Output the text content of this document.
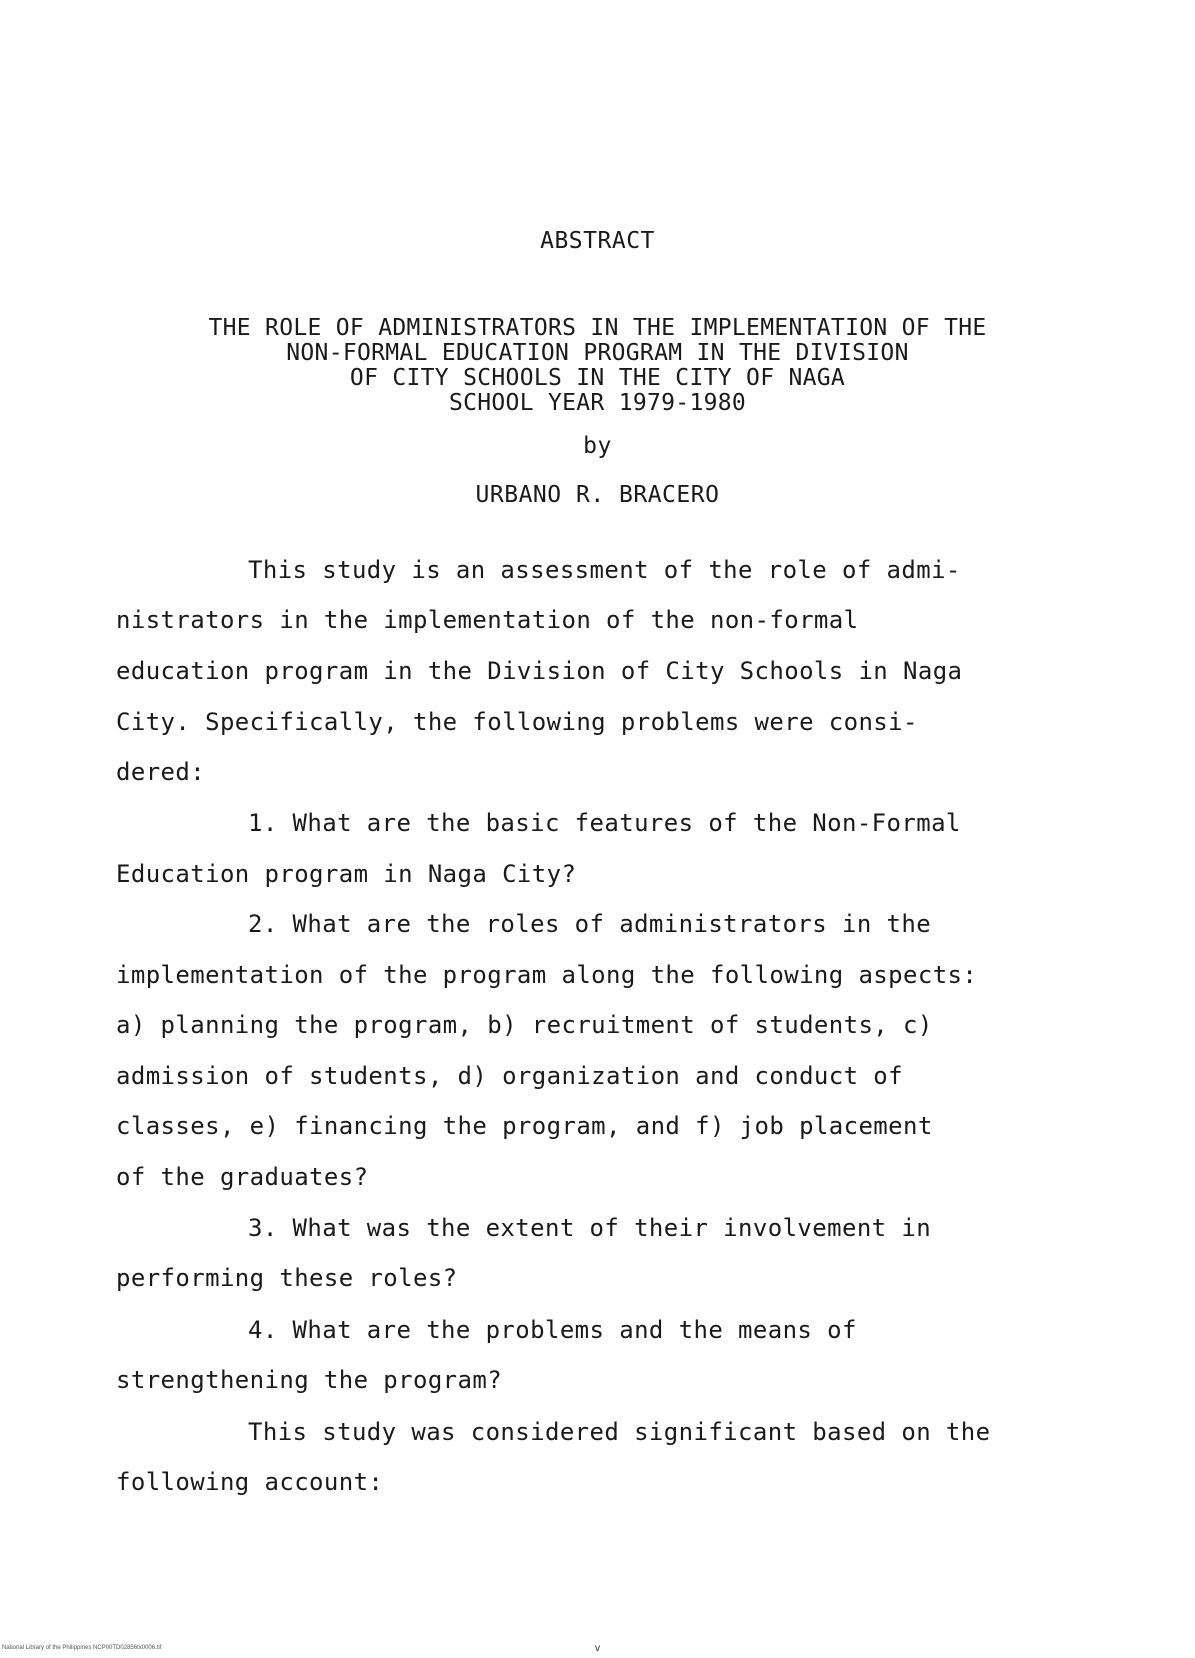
ABSTRACT
THE ROLE OF ADMINISTRATORS IN THE IMPLEMENTATION OF THE
NON-FORMAL EDUCATION PROGRAM IN THE DIVISION
OF CITY SCHOOLS IN THE CITY OF NAGA
SCHOOL YEAR 1979-1980
by
URBANO R. BRACERO
This study is an assessment of the role of admi-
nistrators in the implementation of the non-formal
education program in the Division of City Schools in Naga
City. Specifically, the following problems were consi-
dered:
1. What are the basic features of the Non-Formal
Education program in Naga City?
2. What are the roles of administrators in the
implementation of the program along the following aspects:
a) planning the program, b) recruitment of students, c)
admission of students, d) organization and conduct of
classes, e) financing the program, and f) job placement
of the graduates?
3. What was the extent of their involvement in
performing these roles?
4. What are the problems and the means of
strengthening the program?
This study was considered significant based on the
following account:
National Library of the Philippines NCP00TD02856tx0006.tif	v
